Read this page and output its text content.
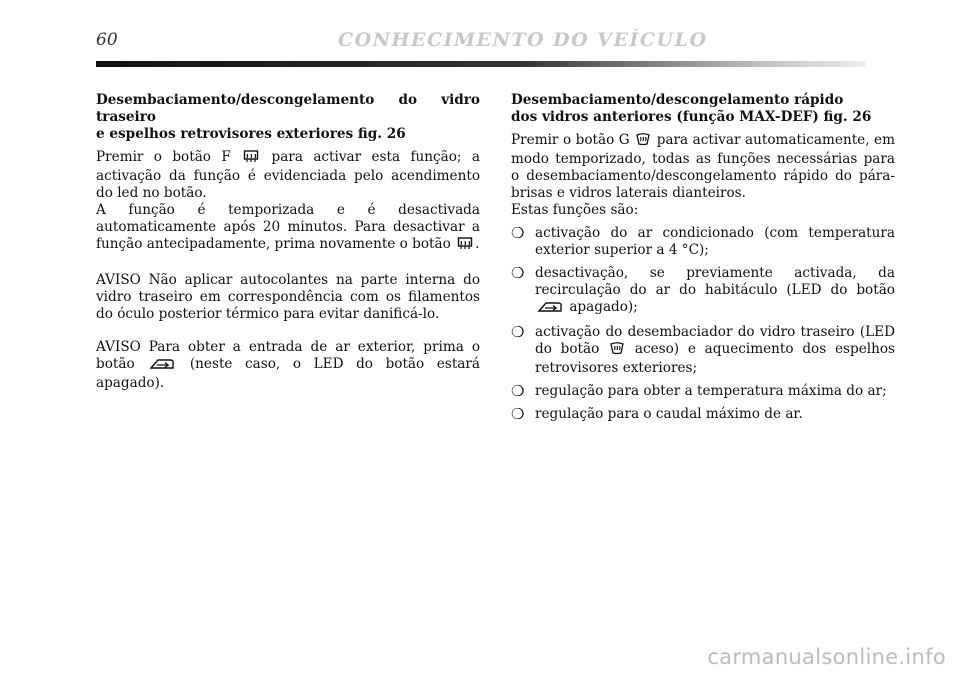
60	CONHECIMENTO DO VEÍCULO

Desembaciamento/descongelamento do vidro traseiro
e espelhos retrovisores exteriores fig. 26

Premir o botão F	para activar esta função; a activação da função é evidenciada pelo acendimento do led no botão.
A função é temporizada e é desactivada automaticamente após 20 minutos. Para desactivar a função antecipadamente, prima novamente o botão .

AVISO Não aplicar autocolantes na parte interna do vidro traseiro em correspondência com os filamentos do óculo posterior térmico para evitar danificá-lo.

AVISO Para obter a entrada de ar exterior, prima o botão	(neste caso, o LED do botão estará apagado).

Desembaciamento/descongelamento rápido
dos vidros anteriores (função MAX-DEF) fig. 26

Premir o botão G para activar automaticamente, em modo temporizado, todas as funções necessárias para o desembaciamento/descongelamento rápido do pára-brisas e vidros laterais dianteiros.
Estas funções são:

❍ activação do ar condicionado (com temperatura exterior superior a 4 °C);
❍ desactivação, se previamente activada, da recirculação do ar do habitáculo (LED do botão  apagado);
❍ activação do desembaciador do vidro traseiro (LED do botão	aceso) e aquecimento dos espelhos retrovisores exteriores;
❍ regulação para obter a temperatura máxima do ar;
❍ regulação para o caudal máximo de ar.
carmanualsonline.info
